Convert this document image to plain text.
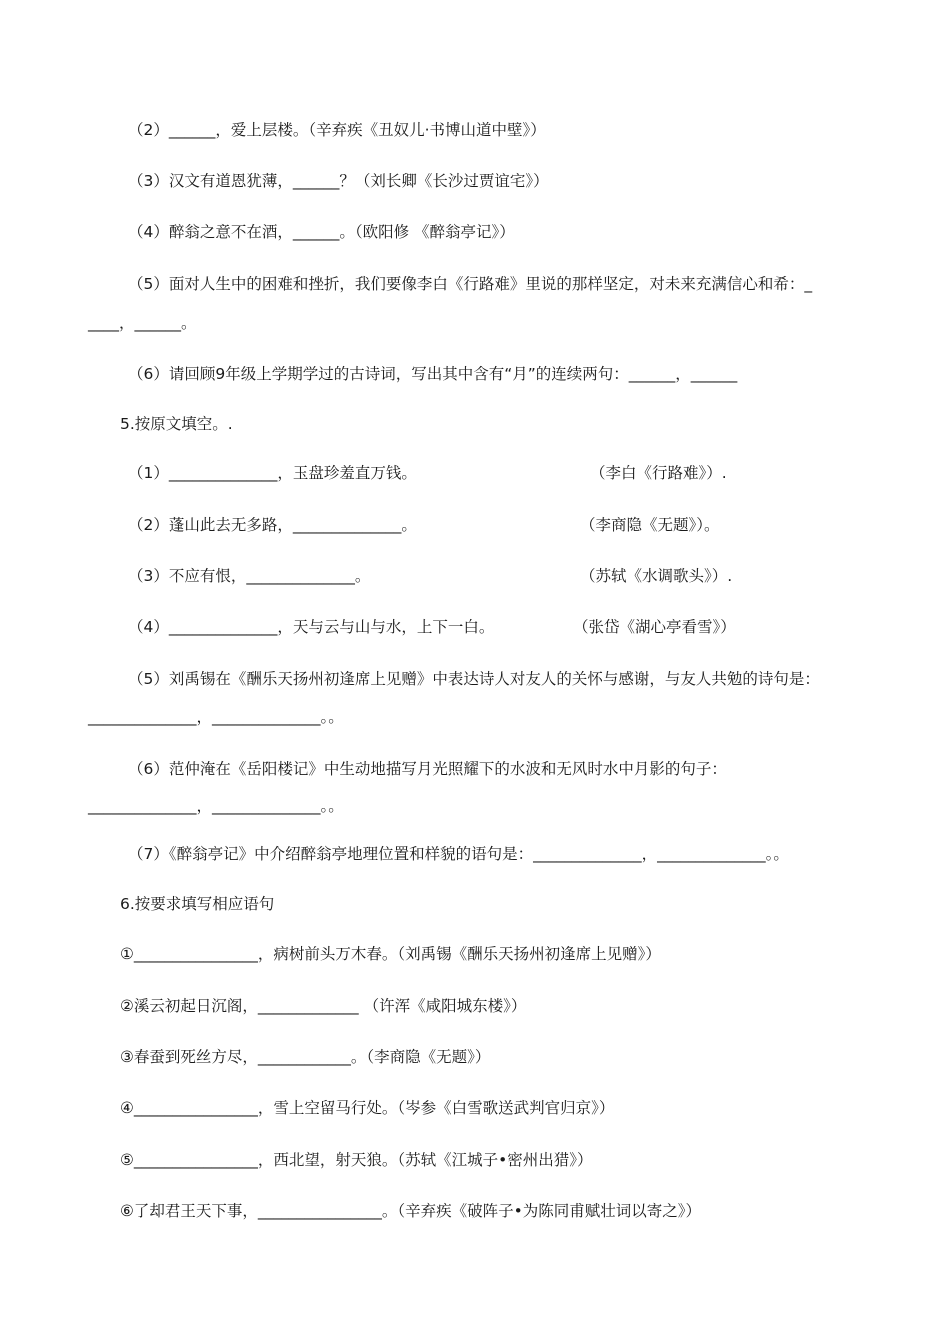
（2）______，爱上层楼。（辛弃疾《丑奴儿·书博山道中壁》）
（3）汉文有道恩犹薄，______？（刘长卿《长沙过贾谊宅》）
（4）醉翁之意不在酒，______。（欧阳修 《醉翁亭记》）
（5）面对人生中的困难和挫折，我们要像李白《行路难》里说的那样坚定，对未来充满信心和希：_
____，______。
（6）请回顾9年级上学期学过的古诗词，写出其中含有“月”的连续两句：______，______
5.按原文填空。.
（1）______________，玉盘珍羞直万钱。	（李白《行路难》）.
（2）蓬山此去无多路，______________。	（李商隐《无题》）。
（3）不应有恨，______________。	（苏轼《水调歌头》）.
（4）______________，天与云与山与水，上下一白。	（张岱《湖心亭看雪》）
（5）刘禹锡在《酬乐天扬州初逢席上见赠》中表达诗人对友人的关怀与感谢，与友人共勉的诗句是：
______________，______________。。
（6）范仲淹在《岳阳楼记》中生动地描写月光照耀下的水波和无风时水中月影的句子：
______________，______________。。
（7）《醉翁亭记》中介绍醉翁亭地理位置和样貌的语句是：______________，______________。。
6.按要求填写相应语句
①________________，病树前头万木春。（刘禹锡《酬乐天扬州初逢席上见赠》）
②溪云初起日沉阁，_____________ （许浑《咸阳城东楼》）
③春蚕到死丝方尽，____________。（李商隐《无题》）
④________________，雪上空留马行处。（岑参《白雪歌送武判官归京》）
⑤________________，西北望，射天狼。（苏轼《江城子•密州出猎》）
⑥了却君王天下事，________________。（辛弃疾《破阵子•为陈同甫赋壮词以寄之》）
